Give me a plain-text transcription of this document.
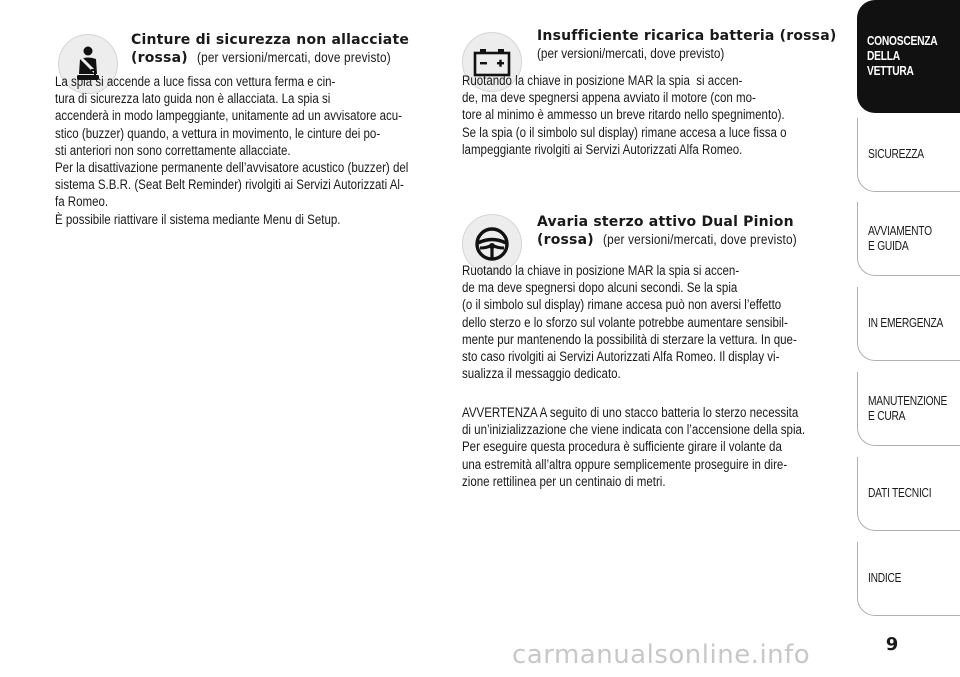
Cinture di sicurezza non allacciate
(rossa) (per versioni/mercati, dove previsto)
La spia si accende a luce fissa con vettura ferma e cin-
tura di sicurezza lato guida non è allacciata. La spia si
accenderà in modo lampeggiante, unitamente ad un avvisatore acu-
stico (buzzer) quando, a vettura in movimento, le cinture dei po-
sti anteriori non sono correttamente allacciate.
Per la disattivazione permanente dell’avvisatore acustico (buzzer) del
sistema S.B.R. (Seat Belt Reminder) rivolgiti ai Servizi Autorizzati Al-
fa Romeo.
È possibile riattivare il sistema mediante Menu di Setup.
Insufficiente ricarica batteria (rossa)
(per versioni/mercati, dove previsto)
Ruotando la chiave in posizione MAR la spia  si accen-
de, ma deve spegnersi appena avviato il motore (con mo-
tore al minimo è ammesso un breve ritardo nello spegnimento).
Se la spia (o il simbolo sul display) rimane accesa a luce fissa o
lampeggiante rivolgiti ai Servizi Autorizzati Alfa Romeo.
Avaria sterzo attivo Dual Pinion
(rossa) (per versioni/mercati, dove previsto)
Ruotando la chiave in posizione MAR la spia si accen-
de ma deve spegnersi dopo alcuni secondi. Se la spia
(o il simbolo sul display) rimane accesa può non aversi l’effetto
dello sterzo e lo sforzo sul volante potrebbe aumentare sensibil-
mente pur mantenendo la possibilità di sterzare la vettura. In que-
sto caso rivolgiti ai Servizi Autorizzati Alfa Romeo. Il display vi-
sualizza il messaggio dedicato.
AVVERTENZA A seguito di uno stacco batteria lo sterzo necessita
di un’inizializzazione che viene indicata con l’accensione della spia.
Per eseguire questa procedura è sufficiente girare il volante da
una estremità all’altra oppure semplicemente proseguire in dire-
zione rettilinea per un centinaio di metri.
CONOSCENZA
DELLA
VETTURA
SICUREZZA
AVVIAMENTO
E GUIDA
IN EMERGENZA
MANUTENZIONE
E CURA
DATI TECNICI
INDICE
9
carmanualsonline.info
